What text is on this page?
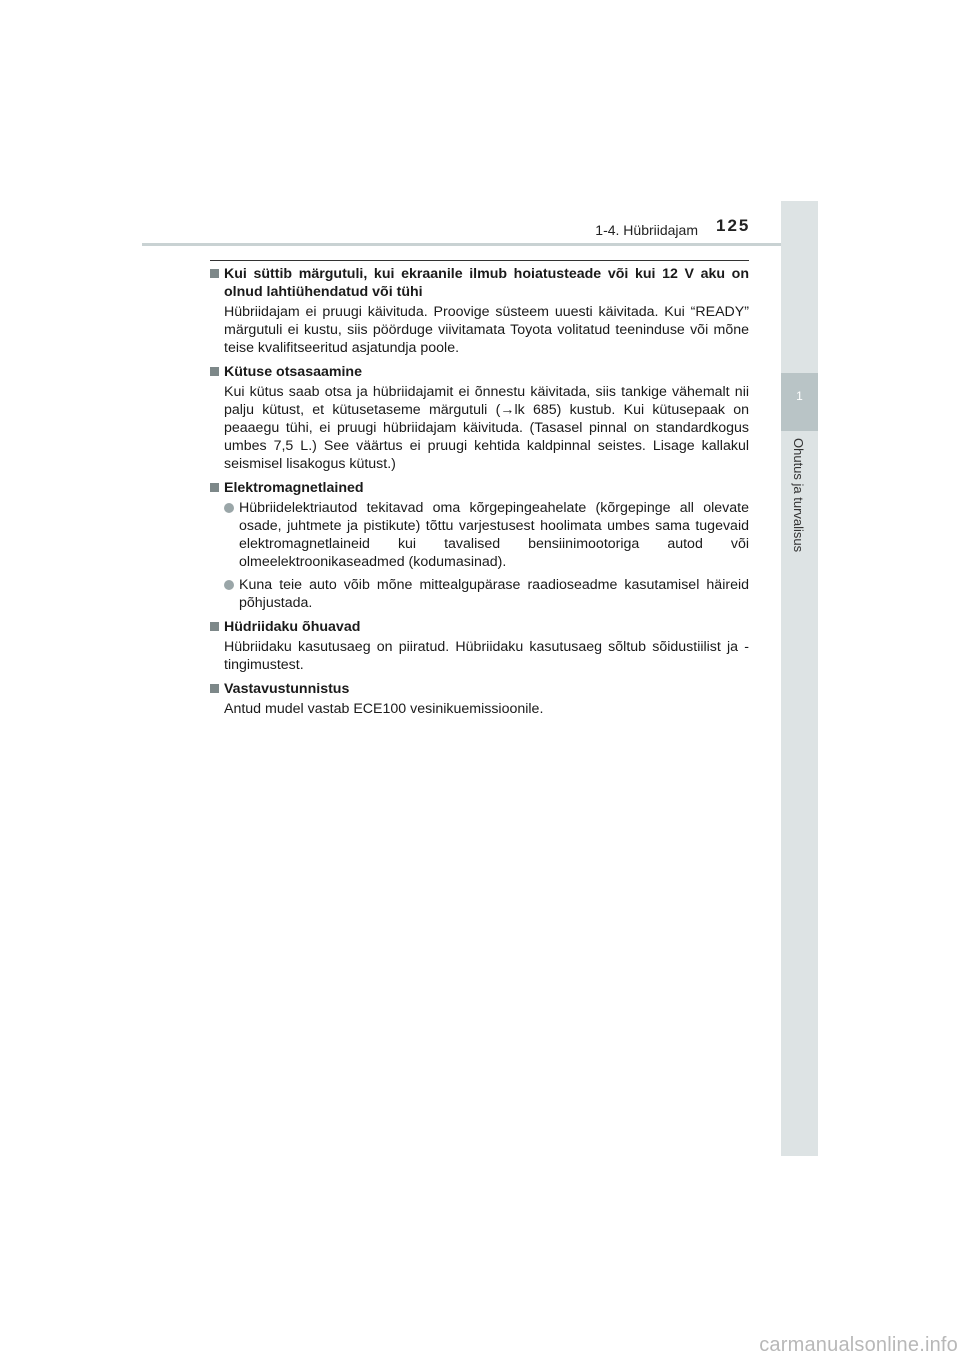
1-4. Hübriidajam 125
1
Ohutus ja turvalisus
Kui süttib märgutuli, kui ekraanile ilmub hoiatusteade või kui 12 V aku on olnud lahtiühendatud või tühi
Hübriidajam ei pruugi käivituda. Proovige süsteem uuesti käivitada. Kui “READY” märgutuli ei kustu, siis pöörduge viivitamata Toyota volitatud teeninduse või mõne teise kvalifitseeritud asjatundja poole.
Kütuse otsasaamine
Kui kütus saab otsa ja hübriidajamit ei õnnestu käivitada, siis tankige vähemalt nii palju kütust, et kütusetaseme märgutuli (→lk 685) kustub. Kui kütusepaak on peaaegu tühi, ei pruugi hübriidajam käivituda. (Tasasel pinnal on standardkogus umbes 7,5 L.) See väärtus ei pruugi kehtida kaldpinnal seistes. Lisage kallakul seismisel lisakogus kütust.)
Elektromagnetlained
Hübriidelektriautod tekitavad oma kõrgepingeahelate (kõrgepinge all olevate osade, juhtmete ja pistikute) tõttu varjestusest hoolimata umbes sama tugevaid elektromagnetlaineid kui tavalised bensiinimootoriga autod või olmeelektroonikaseadmed (kodumasinad).
Kuna teie auto võib mõne mittealgupärase raadioseadme kasutamisel häireid põhjustada.
Hüdriidaku õhuavad
Hübriidaku kasutusaeg on piiratud. Hübriidaku kasutusaeg sõltub sõidustiilist ja -tingimustest.
Vastavustunnistus
Antud mudel vastab ECE100 vesinikuemissioonile.
carmanualsonline.info
